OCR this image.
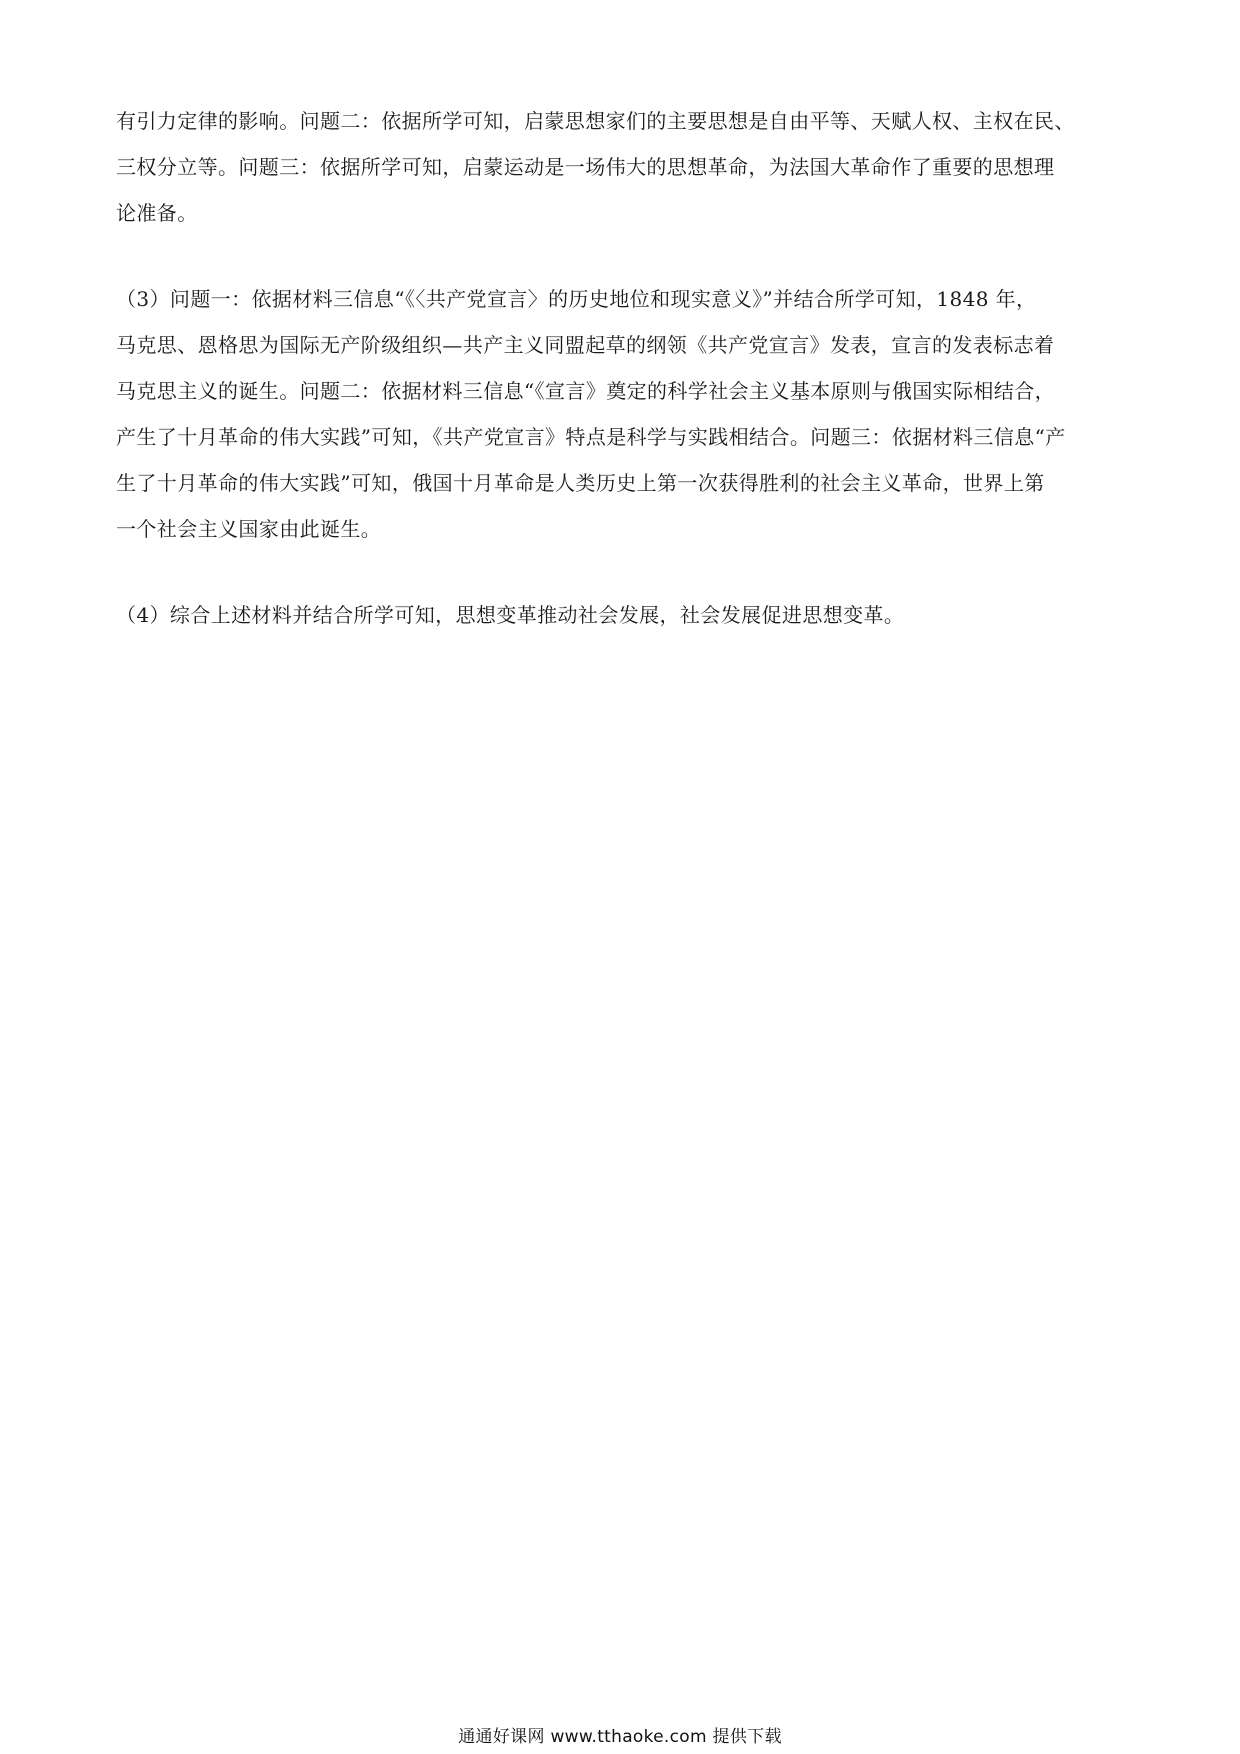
有引力定律的影响。问题二：依据所学可知，启蒙思想家们的主要思想是自由平等、天赋人权、主权在民、
三权分立等。问题三：依据所学可知，启蒙运动是一场伟大的思想革命，为法国大革命作了重要的思想理
论准备。

（3）问题一：依据材料三信息“《〈共产党宣言〉的历史地位和现实意义》”并结合所学可知，1848 年，
马克思、恩格思为国际无产阶级组织—共产主义同盟起草的纲领《共产党宣言》发表，宣言的发表标志着
马克思主义的诞生。问题二：依据材料三信息“《宣言》奠定的科学社会主义基本原则与俄国实际相结合，
产生了十月革命的伟大实践”可知，《共产党宣言》特点是科学与实践相结合。问题三：依据材料三信息“产
生了十月革命的伟大实践”可知，俄国十月革命是人类历史上第一次获得胜利的社会主义革命，世界上第
一个社会主义国家由此诞生。

（4）综合上述材料并结合所学可知，思想变革推动社会发展，社会发展促进思想变革。

通通好课网 www.tthaoke.com 提供下载
